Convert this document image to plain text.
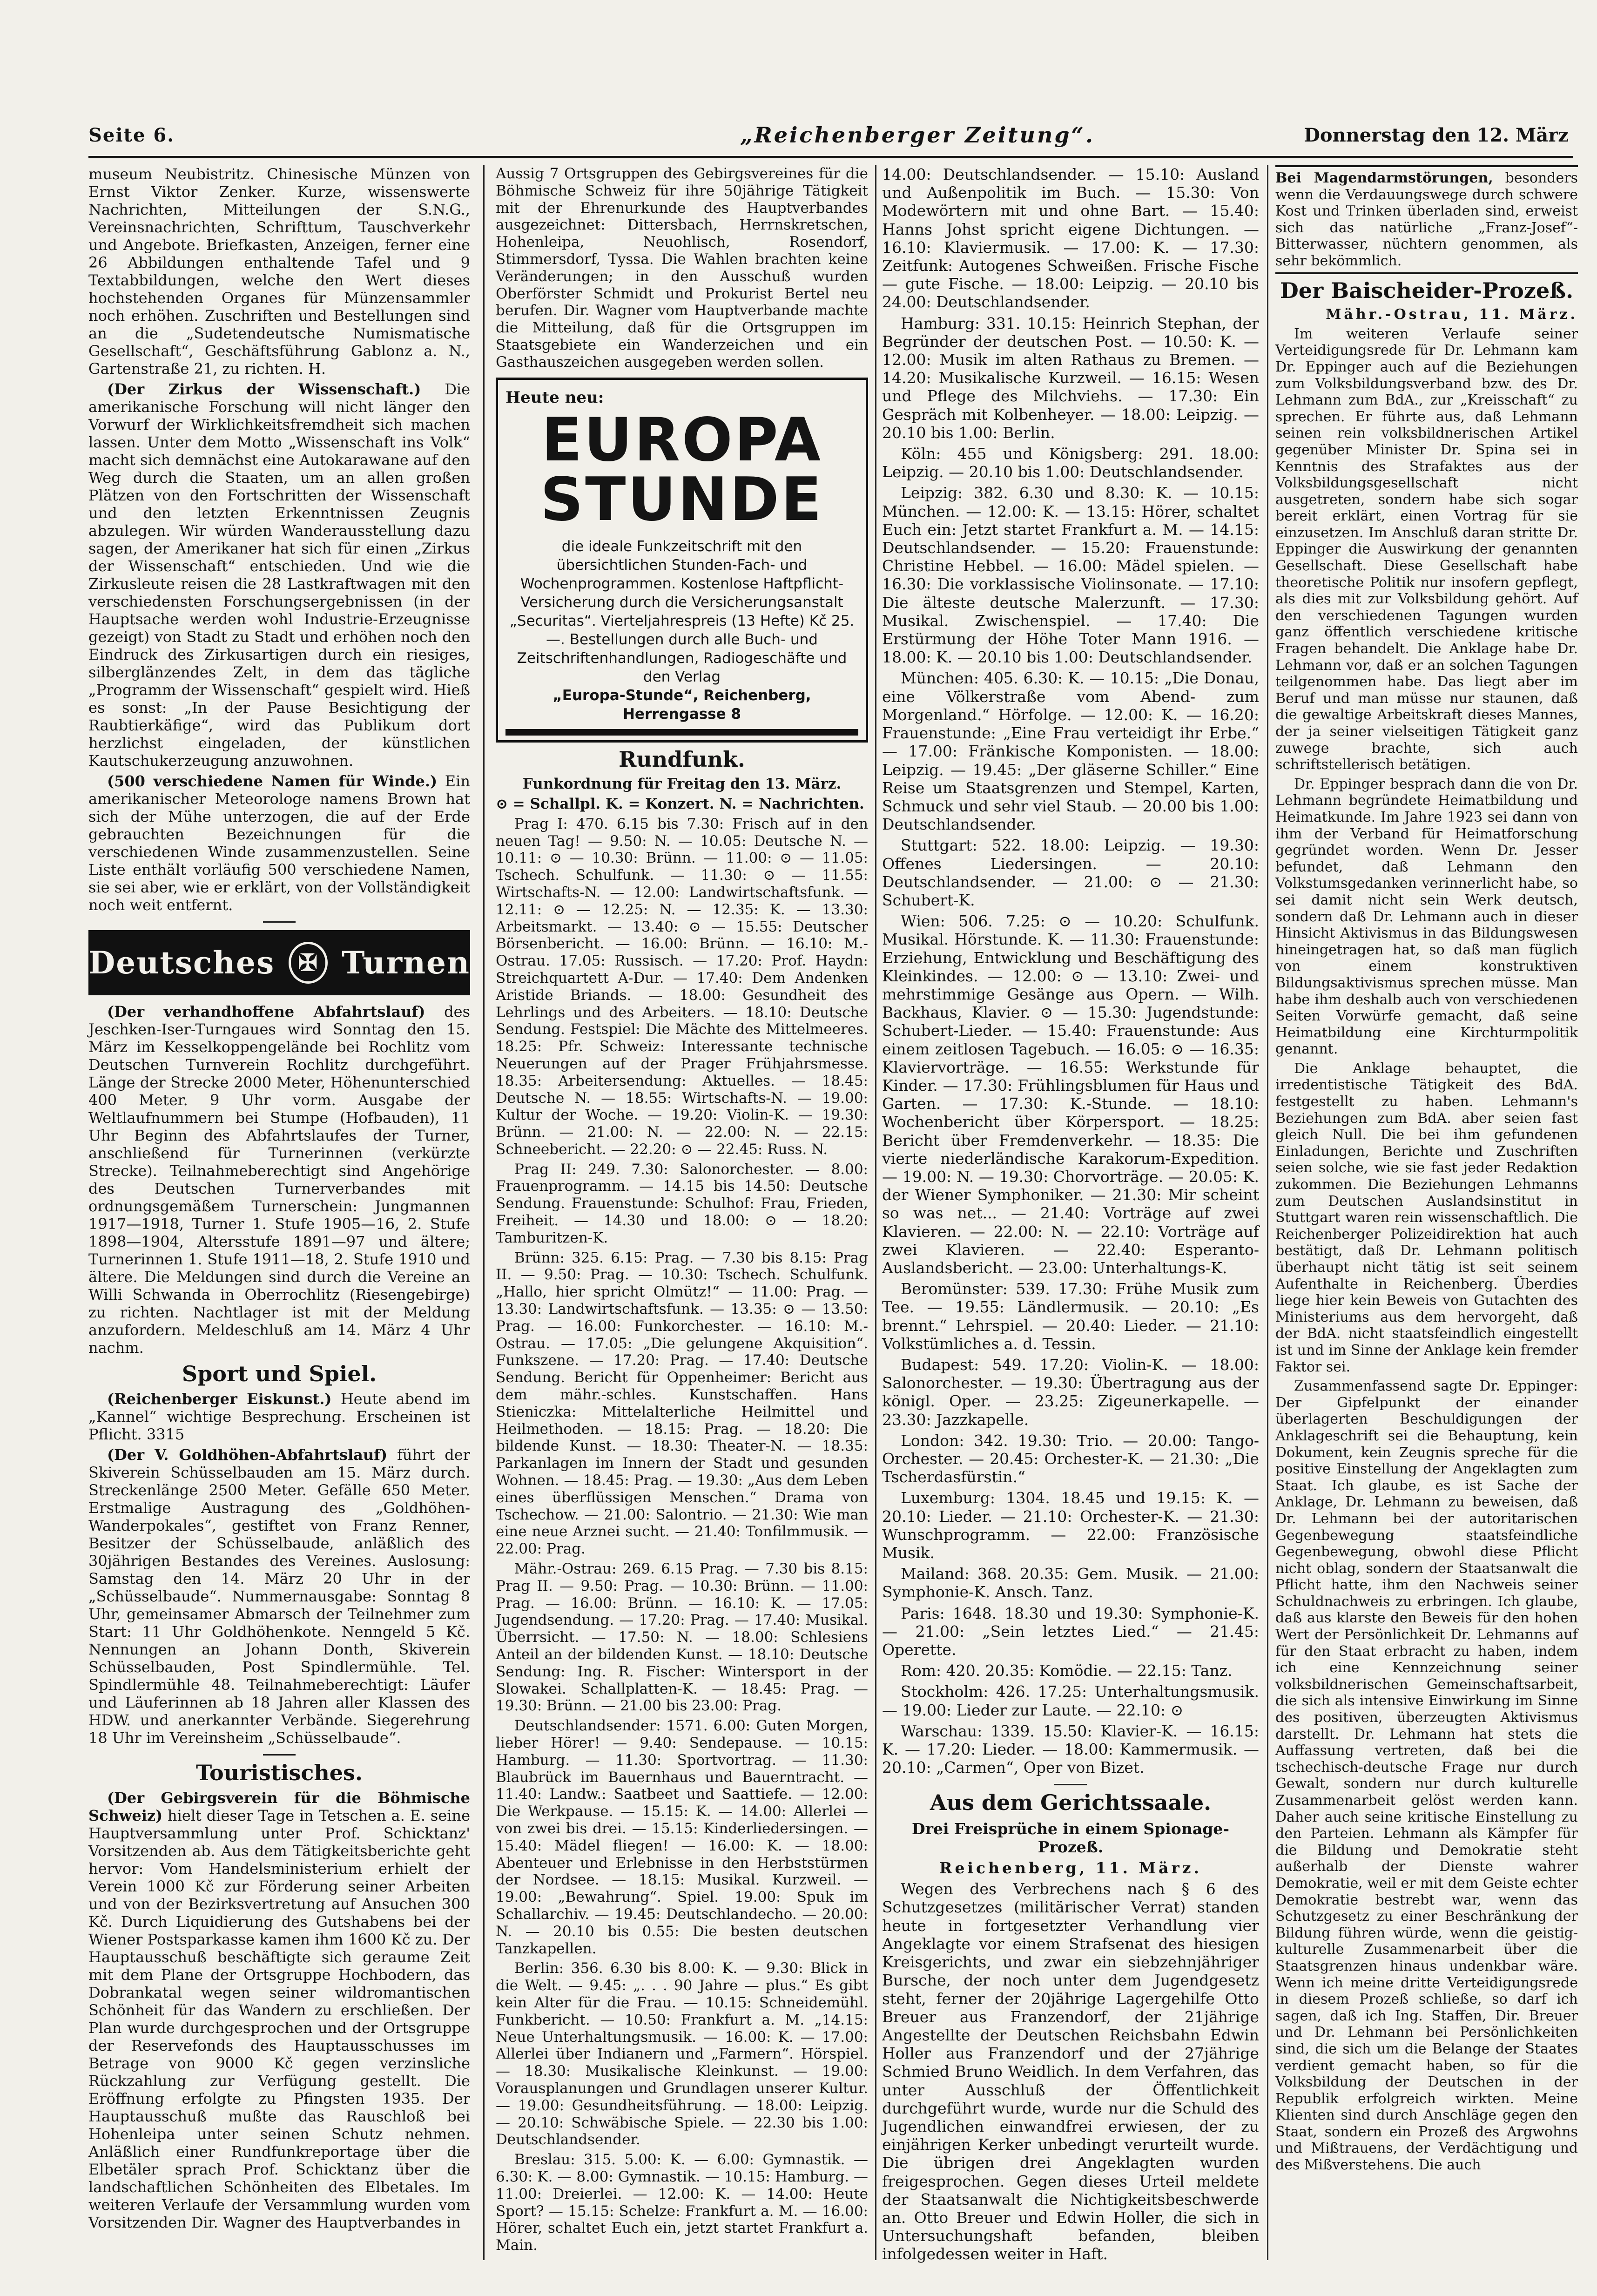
Seite 6.	„Reichenberger Zeitung“.	Donnerstag den 12. März

museum Neubistritz. Chinesische Münzen von Ernst Viktor Zenker. Kurze, wissenswerte Nachrichten, Mitteilungen der S.N.G., Vereinsnachrichten, Schrifttum, Tauschverkehr und Angebote. Briefkasten, Anzeigen, ferner eine 26 Abbildungen enthaltende Tafel und 9 Textabbildungen, welche den Wert dieses hochstehenden Organes für Münzensammler noch erhöhen. Zuschriften und Bestellungen sind an die „Sudetendeutsche Numismatische Gesellschaft“, Geschäftsführung Gablonz a. N., Gartenstraße 21, zu richten. H.

(Der Zirkus der Wissenschaft.) Die amerikanische Forschung will nicht länger den Vorwurf der Wirklichkeitsfremdheit sich machen lassen. Unter dem Motto „Wissenschaft ins Volk“ macht sich demnächst eine Autokarawane auf den Weg durch die Staaten, um an allen großen Plätzen von den Fortschritten der Wissenschaft und den letzten Erkenntnissen Zeugnis abzulegen. Wir würden Wanderausstellung dazu sagen, der Amerikaner hat sich für einen „Zirkus der Wissenschaft“ entschieden. Und wie die Zirkusleute reisen die 28 Lastkraftwagen mit den verschiedensten Forschungsergebnissen (in der Hauptsache werden wohl Industrie-Erzeugnisse gezeigt) von Stadt zu Stadt und erhöhen noch den Eindruck des Zirkusartigen durch ein riesiges, silberglänzendes Zelt, in dem das tägliche „Programm der Wissenschaft“ gespielt wird. Hieß es sonst: „In der Pause Besichtigung der Raubtierkäfige“, wird das Publikum dort herzlichst eingeladen, der künstlichen Kautschukerzeugung anzuwohnen.

(500 verschiedene Namen für Winde.) Ein amerikanischer Meteorologe namens Brown hat sich der Mühe unterzogen, die auf der Erde gebrauchten Bezeichnungen für die verschiedenen Winde zusammenzustellen. Seine Liste enthält vorläufig 500 verschiedene Namen, sie sei aber, wie er erklärt, von der Vollständigkeit noch weit entfernt.

Deutsches	✠ Turnen

(Der verhandhoffene Abfahrtslauf) des Jeschken-Iser-Turngaues wird Sonntag den 15. März im Kesselkoppengelände bei Rochlitz vom Deutschen Turnverein Rochlitz durchgeführt. Länge der Strecke 2000 Meter, Höhenunterschied 400 Meter. 9 Uhr vorm. Ausgabe der Weltlaufnummern bei Stumpe (Hofbauden), 11 Uhr Beginn des Abfahrtslaufes der Turner, anschließend für Turnerinnen (verkürzte Strecke). Teilnahmeberechtigt sind Angehörige des Deutschen Turnerverbandes mit ordnungsgemäßem Turnerschein: Jungmannen 1917—1918, Turner 1. Stufe 1905—16, 2. Stufe 1898—1904, Altersstufe 1891—97 und ältere; Turnerinnen 1. Stufe 1911—18, 2. Stufe 1910 und ältere. Die Meldungen sind durch die Vereine an Willi Schwanda in Oberrochlitz (Riesengebirge) zu richten. Nachtlager ist mit der Meldung anzufordern. Meldeschluß am 14. März 4 Uhr nachm.

Sport und Spiel.

(Reichenberger Eiskunst.) Heute abend im „Kannel“ wichtige Besprechung. Erscheinen ist Pflicht. 3315

(Der V. Goldhöhen-Abfahrtslauf) führt der Skiverein Schüsselbauden am 15. März durch. Streckenlänge 2500 Meter. Gefälle 650 Meter. Erstmalige Austragung des „Goldhöhen-Wanderpokales“, gestiftet von Franz Renner, Besitzer der Schüsselbaude, anläßlich des 30jährigen Bestandes des Vereines. Auslosung: Samstag den 14. März 20 Uhr in der „Schüsselbaude“. Nummernausgabe: Sonntag 8 Uhr, gemeinsamer Abmarsch der Teilnehmer zum Start: 11 Uhr Goldhöhenkote. Nenngeld 5 Kč. Nennungen an Johann Donth, Skiverein Schüsselbauden, Post Spindlermühle. Tel. Spindlermühle 48. Teilnahmeberechtigt: Läufer und Läuferinnen ab 18 Jahren aller Klassen des HDW. und anerkannter Verbände. Siegerehrung 18 Uhr im Vereinsheim „Schüsselbaude“.

Touristisches.

(Der Gebirgsverein für die Böhmische Schweiz) hielt dieser Tage in Tetschen a. E. seine Hauptversammlung unter Prof. Schicktanz' Vorsitzenden ab. Aus dem Tätigkeitsberichte geht hervor: Vom Handelsministerium erhielt der Verein 1000 Kč zur Förderung seiner Arbeiten und von der Bezirksvertretung auf Ansuchen 300 Kč. Durch Liquidierung des Gutshabens bei der Wiener Postsparkasse kamen ihm 1600 Kč zu. Der Hauptausschuß beschäftigte sich geraume Zeit mit dem Plane der Ortsgruppe Hochbodern, das Dobrankatal wegen seiner wildromantischen Schönheit für das Wandern zu erschließen. Der Plan wurde durchgesprochen und der Ortsgruppe der Reservefonds des Hauptausschusses im Betrage von 9000 Kč gegen verzinsliche Rückzahlung zur Verfügung gestellt. Die Eröffnung erfolgte zu Pfingsten 1935. Der Hauptausschuß mußte das Rauschloß bei Hohenleipa unter seinen Schutz nehmen. Anläßlich einer Rundfunkreportage über die Elbetäler sprach Prof. Schicktanz über die landschaftlichen Schönheiten des Elbetales. Im weiteren Verlaufe der Versammlung wurden vom Vorsitzenden Dir. Wagner des Hauptverbandes in

Aussig 7 Ortsgruppen des Gebirgsvereines für die Böhmische Schweiz für ihre 50jährige Tätigkeit mit der Ehrenurkunde des Hauptverbandes ausgezeichnet: Dittersbach, Herrnskretschen, Hohenleipa, Neuohlisch, Rosendorf, Stimmersdorf, Tyssa. Die Wahlen brachten keine Veränderungen; in den Ausschuß wurden Oberförster Schmidt und Prokurist Bertel neu berufen. Dir. Wagner vom Hauptverbande machte die Mitteilung, daß für die Ortsgruppen im Staatsgebiete ein Wanderzeichen und ein Gasthauszeichen ausgegeben werden sollen.

Heute neu:
EUROPA
STUNDE
die ideale Funkzeitschrift mit den übersichtlichen Stunden-Fach- und Wochenprogrammen. Kostenlose Haftpflicht-Versicherung durch die Versicherungsanstalt „Securitas“. Vierteljahrespreis (13 Hefte) Kč 25.—. Bestellungen durch alle Buch- und Zeitschriftenhandlungen, Radiogeschäfte und den Verlag
„Europa-Stunde“, Reichenberg, Herrengasse 8
Rundfunk.

Funkordnung für Freitag den 13. März.

⊙ = Schallpl. K. = Konzert. N. = Nachrichten.

Prag I: 470. 6.15 bis 7.30: Frisch auf in den neuen Tag! — 9.50: N. — 10.05: Deutsche N. — 10.11: ⊙ — 10.30: Brünn. — 11.00: ⊙ — 11.05: Tschech. Schulfunk. — 11.30: ⊙ — 11.55: Wirtschafts-N. — 12.00: Landwirtschaftsfunk. — 12.11: ⊙ — 12.25: N. — 12.35: K. — 13.30: Arbeitsmarkt. — 13.40: ⊙ — 15.55: Deutscher Börsenbericht. — 16.00: Brünn. — 16.10: M.-Ostrau. 17.05: Russisch. — 17.20: Prof. Haydn: Streichquartett A-Dur. — 17.40: Dem Andenken Aristide Briands. — 18.00: Gesundheit des Lehrlings und des Arbeiters. — 18.10: Deutsche Sendung. Festspiel: Die Mächte des Mittelmeeres. 18.25: Pfr. Schweiz: Interessante technische Neuerungen auf der Prager Frühjahrsmesse. 18.35: Arbeitersendung: Aktuelles. — 18.45: Deutsche N. — 18.55: Wirtschafts-N. — 19.00: Kultur der Woche. — 19.20: Violin-K. — 19.30: Brünn. — 21.00: N. — 22.00: N. — 22.15: Schneebericht. — 22.20: ⊙ — 22.45: Russ. N.

Prag II: 249. 7.30: Salonorchester. — 8.00: Frauenprogramm. — 14.15 bis 14.50: Deutsche Sendung. Frauenstunde: Schulhof: Frau, Frieden, Freiheit. — 14.30 und 18.00: ⊙ — 18.20: Tamburitzen-K.

Brünn: 325. 6.15: Prag. — 7.30 bis 8.15: Prag II. — 9.50: Prag. — 10.30: Tschech. Schulfunk. „Hallo, hier spricht Olmütz!“ — 11.00: Prag. — 13.30: Landwirtschaftsfunk. — 13.35: ⊙ — 13.50: Prag. — 16.00: Funkorchester. — 16.10: M.-Ostrau. — 17.05: „Die gelungene Akquisition“. Funkszene. — 17.20: Prag. — 17.40: Deutsche Sendung. Bericht für Oppenheimer: Bericht aus dem mähr.-schles. Kunstschaffen. Hans Stieniczka: Mittelalterliche Heilmittel und Heilmethoden. — 18.15: Prag. — 18.20: Die bildende Kunst. — 18.30: Theater-N. — 18.35: Parkanlagen im Innern der Stadt und gesunden Wohnen. — 18.45: Prag. — 19.30: „Aus dem Leben eines überflüssigen Menschen.“ Drama von Tschechow. — 21.00: Salontrio. — 21.30: Wie man eine neue Arznei sucht. — 21.40: Tonfilmmusik. — 22.00: Prag.

Mähr.-Ostrau: 269. 6.15 Prag. — 7.30 bis 8.15: Prag II. — 9.50: Prag. — 10.30: Brünn. — 11.00: Prag. — 16.00: Brünn. — 16.10: K. — 17.05: Jugendsendung. — 17.20: Prag. — 17.40: Musikal. Überrsicht. — 17.50: N. — 18.00: Schlesiens Anteil an der bildenden Kunst. — 18.10: Deutsche Sendung: Ing. R. Fischer: Wintersport in der Slowakei. Schallplatten-K. — 18.45: Prag. — 19.30: Brünn. — 21.00 bis 23.00: Prag.

Deutschlandsender: 1571. 6.00: Guten Morgen, lieber Hörer! — 9.40: Sendepause. — 10.15: Hamburg. — 11.30: Sportvortrag. — 11.30: Blaubrück im Bauernhaus und Bauerntracht. — 11.40: Landw.: Saatbeet und Saattiefe. — 12.00: Die Werkpause. — 15.15: K. — 14.00: Allerlei — von zwei bis drei. — 15.15: Kinderliedersingen. — 15.40: Mädel fliegen! — 16.00: K. — 18.00: Abenteuer und Erlebnisse in den Herbststürmen der Nordsee. — 18.15: Musikal. Kurzweil. — 19.00: „Bewahrung“. Spiel. 19.00: Spuk im Schallarchiv. — 19.45: Deutschlandecho. — 20.00: N. — 20.10 bis 0.55: Die besten deutschen Tanzkapellen.

Berlin: 356. 6.30 bis 8.00: K. — 9.30: Blick in die Welt. — 9.45: „. . . 90 Jahre — plus.“ Es gibt kein Alter für die Frau. — 10.15: Schneidemühl. Funkbericht. — 10.50: Frankfurt a. M. „14.15: Neue Unterhaltungsmusik. — 16.00: K. — 17.00: Allerlei über Indianern und „Farmern“. Hörspiel. — 18.30: Musikalische Kleinkunst. — 19.00: Vorausplanungen und Grundlagen unserer Kultur. — 19.00: Gesundheitsführung. — 18.00: Leipzig. — 20.10: Schwäbische Spiele. — 22.30 bis 1.00: Deutschlandsender.

Breslau: 315. 5.00: K. — 6.00: Gymnastik. — 6.30: K. — 8.00: Gymnastik. — 10.15: Hamburg. — 11.00: Dreierlei. — 12.00: K. — 14.00: Heute Sport? — 15.15: Schelze: Frankfurt a. M. — 16.00: Hörer, schaltet Euch ein, jetzt startet Frankfurt a. Main.

14.00: Deutschlandsender. — 15.10: Ausland und Außenpolitik im Buch. — 15.30: Von Modewörtern mit und ohne Bart. — 15.40: Hanns Johst spricht eigene Dichtungen. — 16.10: Klaviermusik. — 17.00: K. — 17.30: Zeitfunk: Autogenes Schweißen. Frische Fische — gute Fische. — 18.00: Leipzig. — 20.10 bis 24.00: Deutschlandsender.

Hamburg: 331. 10.15: Heinrich Stephan, der Begründer der deutschen Post. — 10.50: K. — 12.00: Musik im alten Rathaus zu Bremen. — 14.20: Musikalische Kurzweil. — 16.15: Wesen und Pflege des Milchviehs. — 17.30: Ein Gespräch mit Kolbenheyer. — 18.00: Leipzig. — 20.10 bis 1.00: Berlin.

Köln: 455 und Königsberg: 291. 18.00: Leipzig. — 20.10 bis 1.00: Deutschlandsender.

Leipzig: 382. 6.30 und 8.30: K. — 10.15: München. — 12.00: K. — 13.15: Hörer, schaltet Euch ein: Jetzt startet Frankfurt a. M. — 14.15: Deutschlandsender. — 15.20: Frauenstunde: Christine Hebbel. — 16.00: Mädel spielen. — 16.30: Die vorklassische Violinsonate. — 17.10: Die älteste deutsche Malerzunft. — 17.30: Musikal. Zwischenspiel. — 17.40: Die Erstürmung der Höhe Toter Mann 1916. — 18.00: K. — 20.10 bis 1.00: Deutschlandsender.

München: 405. 6.30: K. — 10.15: „Die Donau, eine Völkerstraße vom Abend- zum Morgenland.“ Hörfolge. — 12.00: K. — 16.20: Frauenstunde: „Eine Frau verteidigt ihr Erbe.“ — 17.00: Fränkische Komponisten. — 18.00: Leipzig. — 19.45: „Der gläserne Schiller.“ Eine Reise um Staatsgrenzen und Stempel, Karten, Schmuck und sehr viel Staub. — 20.00 bis 1.00: Deutschlandsender.

Stuttgart: 522. 18.00: Leipzig. — 19.30: Offenes Liedersingen. — 20.10: Deutschlandsender. — 21.00: ⊙ — 21.30: Schubert-K.

Wien: 506. 7.25: ⊙ — 10.20: Schulfunk. Musikal. Hörstunde. K. — 11.30: Frauenstunde: Erziehung, Entwicklung und Beschäftigung des Kleinkindes. — 12.00: ⊙ — 13.10: Zwei- und mehrstimmige Gesänge aus Opern. — Wilh. Backhaus, Klavier. ⊙ — 15.30: Jugendstunde: Schubert-Lieder. — 15.40: Frauenstunde: Aus einem zeitlosen Tagebuch. — 16.05: ⊙ — 16.35: Klaviervorträge. — 16.55: Werkstunde für Kinder. — 17.30: Frühlingsblumen für Haus und Garten. — 17.30: K.-Stunde. — 18.10: Wochenbericht über Körpersport. — 18.25: Bericht über Fremdenverkehr. — 18.35: Die vierte niederländische Karakorum-Expedition. — 19.00: N. — 19.30: Chorvorträge. — 20.05: K. der Wiener Symphoniker. — 21.30: Mir scheint so was net... — 21.40: Vorträge auf zwei Klavieren. — 22.00: N. — 22.10: Vorträge auf zwei Klavieren. — 22.40: Esperanto-Auslandsbericht. — 23.00: Unterhaltungs-K.

Beromünster: 539. 17.30: Frühe Musik zum Tee. — 19.55: Ländlermusik. — 20.10: „Es brennt.“ Lehrspiel. — 20.40: Lieder. — 21.10: Volkstümliches a. d. Tessin.

Budapest: 549. 17.20: Violin-K. — 18.00: Salonorchester. — 19.30: Übertragung aus der königl. Oper. — 23.25: Zigeunerkapelle. — 23.30: Jazzkapelle.

London: 342. 19.30: Trio. — 20.00: Tango-Orchester. — 20.45: Orchester-K. — 21.30: „Die Tscherdasfürstin.“

Luxemburg: 1304. 18.45 und 19.15: K. — 20.10: Lieder. — 21.10: Orchester-K. — 21.30: Wunschprogramm. — 22.00: Französische Musik.

Mailand: 368. 20.35: Gem. Musik. — 21.00: Symphonie-K. Ansch. Tanz.

Paris: 1648. 18.30 und 19.30: Symphonie-K. — 21.00: „Sein letztes Lied.“ — 21.45: Operette.

Rom: 420. 20.35: Komödie. — 22.15: Tanz.

Stockholm: 426. 17.25: Unterhaltungsmusik. — 19.00: Lieder zur Laute. — 22.10: ⊙

Warschau: 1339. 15.50: Klavier-K. — 16.15: K. — 17.20: Lieder. — 18.00: Kammermusik. — 20.10: „Carmen“, Oper von Bizet.

Aus dem Gerichtssaale.

Drei Freisprüche in einem Spionage-Prozeß.

Reichenberg, 11. März.

Wegen des Verbrechens nach § 6 des Schutzgesetzes (militärischer Verrat) standen heute in fortgesetzter Verhandlung vier Angeklagte vor einem Strafsenat des hiesigen Kreisgerichts, und zwar ein siebzehnjähriger Bursche, der noch unter dem Jugendgesetz steht, ferner der 20jährige Lagergehilfe Otto Breuer aus Franzendorf, der 21jährige Angestellte der Deutschen Reichsbahn Edwin Holler aus Franzendorf und der 27jährige Schmied Bruno Weidlich. In dem Verfahren, das unter Ausschluß der Öffentlichkeit durchgeführt wurde, wurde nur die Schuld des Jugendlichen einwandfrei erwiesen, der zu einjährigen Kerker unbedingt verurteilt wurde. Die übrigen drei Angeklagten wurden freigesprochen. Gegen dieses Urteil meldete der Staatsanwalt die Nichtigkeitsbeschwerde an. Otto Breuer und Edwin Holler, die sich in Untersuchungshaft befanden, bleiben infolgedessen weiter in Haft.

Bei Magendarmstörungen, besonders wenn die Verdauungswege durch schwere Kost und Trinken überladen sind, erweist sich das natürliche „Franz-Josef“-Bitterwasser, nüchtern genommen, als sehr bekömmlich.

Der Baischeider-Prozeß.

Mähr.-Ostrau, 11. März.

Im weiteren Verlaufe seiner Verteidigungsrede für Dr. Lehmann kam Dr. Eppinger auch auf die Beziehungen zum Volksbildungsverband bzw. des Dr. Lehmann zum BdA., zur „Kreisschaft“ zu sprechen. Er führte aus, daß Lehmann seinen rein volksbildnerischen Artikel gegenüber Minister Dr. Spina sei in Kenntnis des Strafaktes aus der Volksbildungsgesellschaft nicht ausgetreten, sondern habe sich sogar bereit erklärt, einen Vortrag für sie einzusetzen. Im Anschluß daran stritte Dr. Eppinger die Auswirkung der genannten Gesellschaft. Diese Gesellschaft habe theoretische Politik nur insofern gepflegt, als dies mit zur Volksbildung gehört. Auf den verschiedenen Tagungen wurden ganz öffentlich verschiedene kritische Fragen behandelt. Die Anklage habe Dr. Lehmann vor, daß er an solchen Tagungen teilgenommen habe. Das liegt aber im Beruf und man müsse nur staunen, daß die gewaltige Arbeitskraft dieses Mannes, der ja seiner vielseitigen Tätigkeit ganz zuwege brachte, sich auch schriftstellerisch betätigen.

Dr. Eppinger besprach dann die von Dr. Lehmann begründete Heimatbildung und Heimatkunde. Im Jahre 1923 sei dann von ihm der Verband für Heimatforschung gegründet worden. Wenn Dr. Jesser befundet, daß Lehmann den Volkstumsgedanken verinnerlicht habe, so sei damit nicht sein Werk deutsch, sondern daß Dr. Lehmann auch in dieser Hinsicht Aktivismus in das Bildungswesen hineingetragen hat, so daß man füglich von einem konstruktiven Bildungsaktivismus sprechen müsse. Man habe ihm deshalb auch von verschiedenen Seiten Vorwürfe gemacht, daß seine Heimatbildung eine Kirchturmpolitik genannt.

Die Anklage behauptet, die irredentistische Tätigkeit des BdA. festgestellt zu haben. Lehmann's Beziehungen zum BdA. aber seien fast gleich Null. Die bei ihm gefundenen Einladungen, Berichte und Zuschriften seien solche, wie sie fast jeder Redaktion zukommen. Die Beziehungen Lehmanns zum Deutschen Auslandsinstitut in Stuttgart waren rein wissenschaftlich. Die Reichenberger Polizeidirektion hat auch bestätigt, daß Dr. Lehmann politisch überhaupt nicht tätig ist seit seinem Aufenthalte in Reichenberg. Überdies liege hier kein Beweis von Gutachten des Ministeriums aus dem hervorgeht, daß der BdA. nicht staatsfeindlich eingestellt ist und im Sinne der Anklage kein fremder Faktor sei.

Zusammenfassend sagte Dr. Eppinger: Der Gipfelpunkt der einander überlagerten Beschuldigungen der Anklageschrift sei die Behauptung, kein Dokument, kein Zeugnis spreche für die positive Einstellung der Angeklagten zum Staat. Ich glaube, es ist Sache der Anklage, Dr. Lehmann zu beweisen, daß Dr. Lehmann bei der autoritarischen Gegenbewegung staatsfeindliche Gegenbewegung, obwohl diese Pflicht nicht oblag, sondern der Staatsanwalt die Pflicht hatte, ihm den Nachweis seiner Schuldnachweis zu erbringen. Ich glaube, daß aus klarste den Beweis für den hohen Wert der Persönlichkeit Dr. Lehmanns auf für den Staat erbracht zu haben, indem ich eine Kennzeichnung seiner volksbildnerischen Gemeinschaftsarbeit, die sich als intensive Einwirkung im Sinne des positiven, überzeugten Aktivismus darstellt. Dr. Lehmann hat stets die Auffassung vertreten, daß bei die tschechisch-deutsche Frage nur durch Gewalt, sondern nur durch kulturelle Zusammenarbeit gelöst werden kann. Daher auch seine kritische Einstellung zu den Parteien. Lehmann als Kämpfer für die Bildung und Demokratie steht außerhalb der Dienste wahrer Demokratie, weil er mit dem Geiste echter Demokratie bestrebt war, wenn das Schutzgesetz zu einer Beschränkung der Bildung führen würde, wenn die geistig-kulturelle Zusammenarbeit über die Staatsgrenzen hinaus undenkbar wäre. Wenn ich meine dritte Verteidigungsrede in diesem Prozeß schließe, so darf ich sagen, daß ich Ing. Staffen, Dir. Breuer und Dr. Lehmann bei Persönlichkeiten sind, die sich um die Belange der Staates verdient gemacht haben, so für die Volksbildung der Deutschen in der Republik erfolgreich wirkten. Meine Klienten sind durch Anschläge gegen den Staat, sondern ein Prozeß des Argwohns und Mißtrauens, der Verdächtigung und des Mißverstehens. Die auch
